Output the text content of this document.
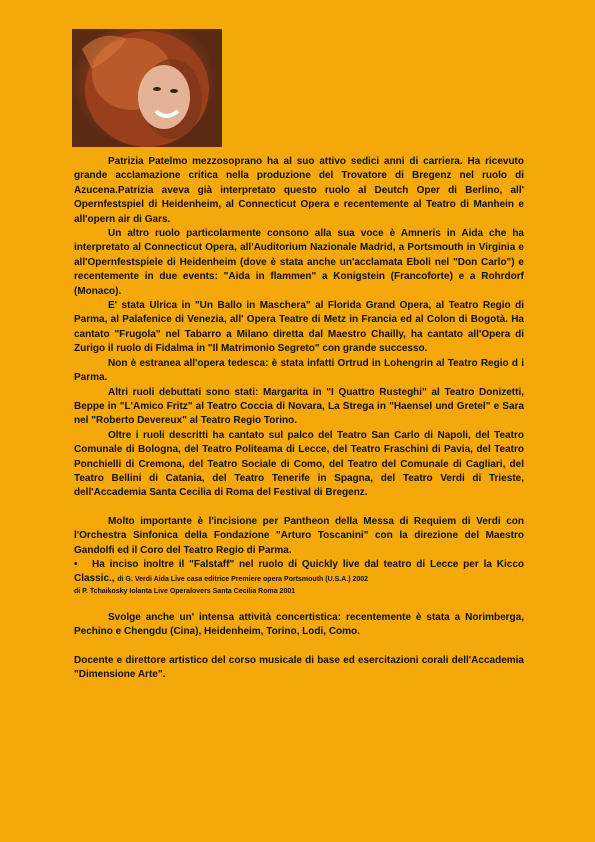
Patrizia Patelmo mezzosoprano ha al suo attivo sedici anni di carriera. Ha ricevuto grande acclamazione critica nella produzione del Trovatore di Bregenz nel ruolo di Azucena.Patrizia aveva già interpretato questo ruolo al Deutch Oper di Berlino, all' Opernfestspiel di Heidenheim, al Connecticut Opera e recentemente al Teatro di Manhein e all'opern air di Gars.

Un altro ruolo particolarmente consono alla sua voce è Amneris in Aida che ha interpretato al Connecticut Opera, all'Auditorium Nazionale Madrid, a Portsmouth in Virginia e all'Opernfestspiele di Heidenheim (dove è stata anche un'acclamata Eboli nel "Don Carlo") e recentemente in due events: "Aida in flammen" a Konigstein (Francoforte) e a Rohrdorf (Monaco).

E' stata Ulrica in "Un Ballo in Maschera" al Florida Grand Opera, al Teatro Regio di Parma, al Palafenice di Venezia, all' Opera Teatre di Metz in Francia ed al Colon di Bogotà. Ha cantato "Frugola" nel Tabarro a Milano diretta dal Maestro Chailly, ha cantato all'Opera di Zurigo il ruolo di Fidalma in "Il Matrimonio Segreto" con grande successo.

Non è estranea all'opera tedesca: è stata infatti Ortrud in Lohengrin al Teatro Regio d i Parma.

Altri ruoli debuttati sono stati: Margarita in "I Quattro Rusteghi" al Teatro Donizetti, Beppe in "L'Amico Fritz" al Teatro Coccia di Novara, La Strega in "Haensel und Gretel" e Sara nel "Roberto Devereux" al Teatro Regio Torino.

Oltre i ruoli descritti ha cantato sul palco del Teatro San Carlo di Napoli, del Teatro Comunale di Bologna, del Teatro Politeama di Lecce, del Teatro Fraschini di Pavia, del Teatro Ponchielli di Cremona, del Teatro Sociale di Como, del Teatro del Comunale di Cagliari, del Teatro Bellini di Catania, del Teatro Tenerife in Spagna, del Teatro Verdi di Trieste, dell'Accademia Santa Cecilia di Roma del Festival di Bregenz.

Molto importante è l'incisione per Pantheon della Messa di Requiem di Verdi con l'Orchestra Sinfonica della Fondazione "Arturo Toscanini" con la direzione del Maestro Gandolfi ed il Coro del Teatro Regio di Parma.

• Ha inciso inoltre il "Falstaff" nel ruolo di Quickly live dal teatro di Lecce per la Kicco Classic., di G. Verdi Aida Live casa editrice Premiere opera Portsmouth (U.S.A.) 2002

di P. Tchaikosky Iolanta Live Operalovers Santa Cecilia Roma 2001

Svolge anche un' intensa attività concertistica: recentemente è stata a Norimberga, Pechino e Chengdu (Cina), Heidenheim, Torino, Lodi, Como.

Docente e direttore artistico del corso musicale di base ed esercitazioni corali dell'Accademia "Dimensione Arte".
